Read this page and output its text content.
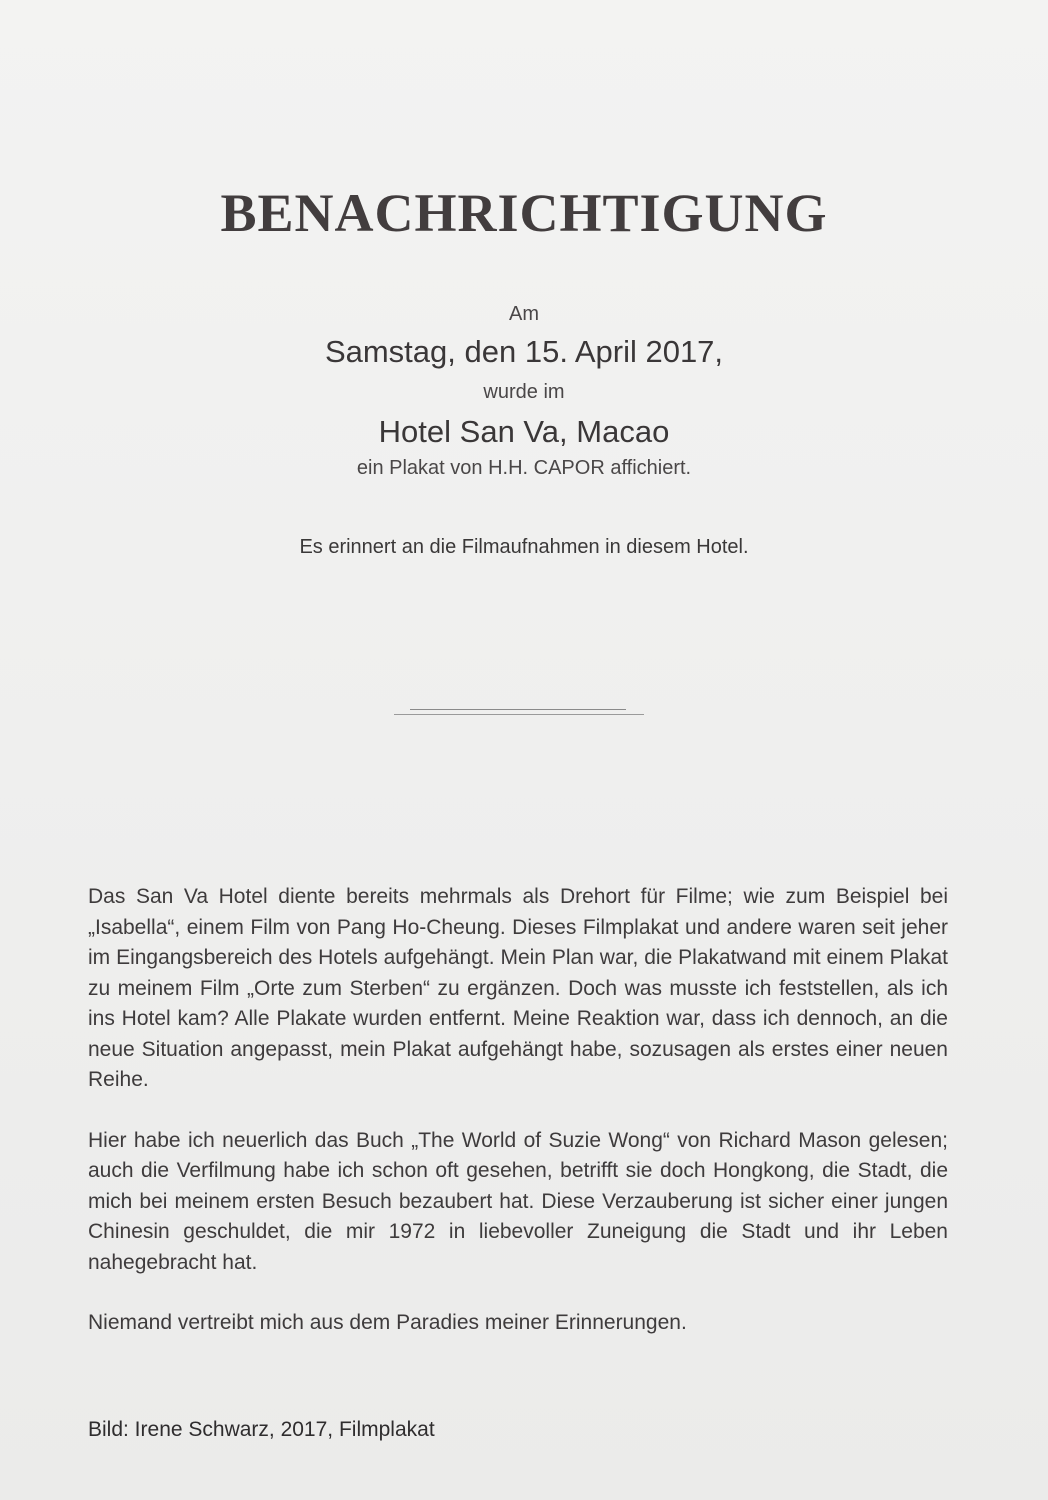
BENACHRICHTIGUNG
Am
Samstag, den 15. April 2017,
wurde im
Hotel San Va, Macao
ein Plakat von H.H. CAPOR affichiert.
Es erinnert an die Filmaufnahmen in diesem Hotel.

Das San Va Hotel diente bereits mehrmals als Drehort für Filme; wie zum Beispiel bei „Isabella“, einem Film von Pang Ho-Cheung. Dieses Filmplakat und andere waren seit jeher im Eingangsbereich des Hotels aufgehängt. Mein Plan war, die Plakatwand mit einem Plakat zu meinem Film „Orte zum Sterben“ zu ergänzen. Doch was musste ich feststellen, als ich ins Hotel kam? Alle Plakate wurden entfernt. Meine Reaktion war, dass ich dennoch, an die neue Situation angepasst, mein Plakat aufgehängt habe, sozusagen als erstes einer neuen Reihe.

Hier habe ich neuerlich das Buch „The World of Suzie Wong“ von Richard Mason gelesen; auch die Verfilmung habe ich schon oft gesehen, betrifft sie doch Hongkong, die Stadt, die mich bei meinem ersten Besuch bezaubert hat. Diese Verzauberung ist sicher einer jungen Chinesin geschuldet, die mir 1972 in liebevoller Zuneigung die Stadt und ihr Leben nahegebracht hat.

Niemand vertreibt mich aus dem Paradies meiner Erinnerungen.

Bild: Irene Schwarz, 2017, Filmplakat
